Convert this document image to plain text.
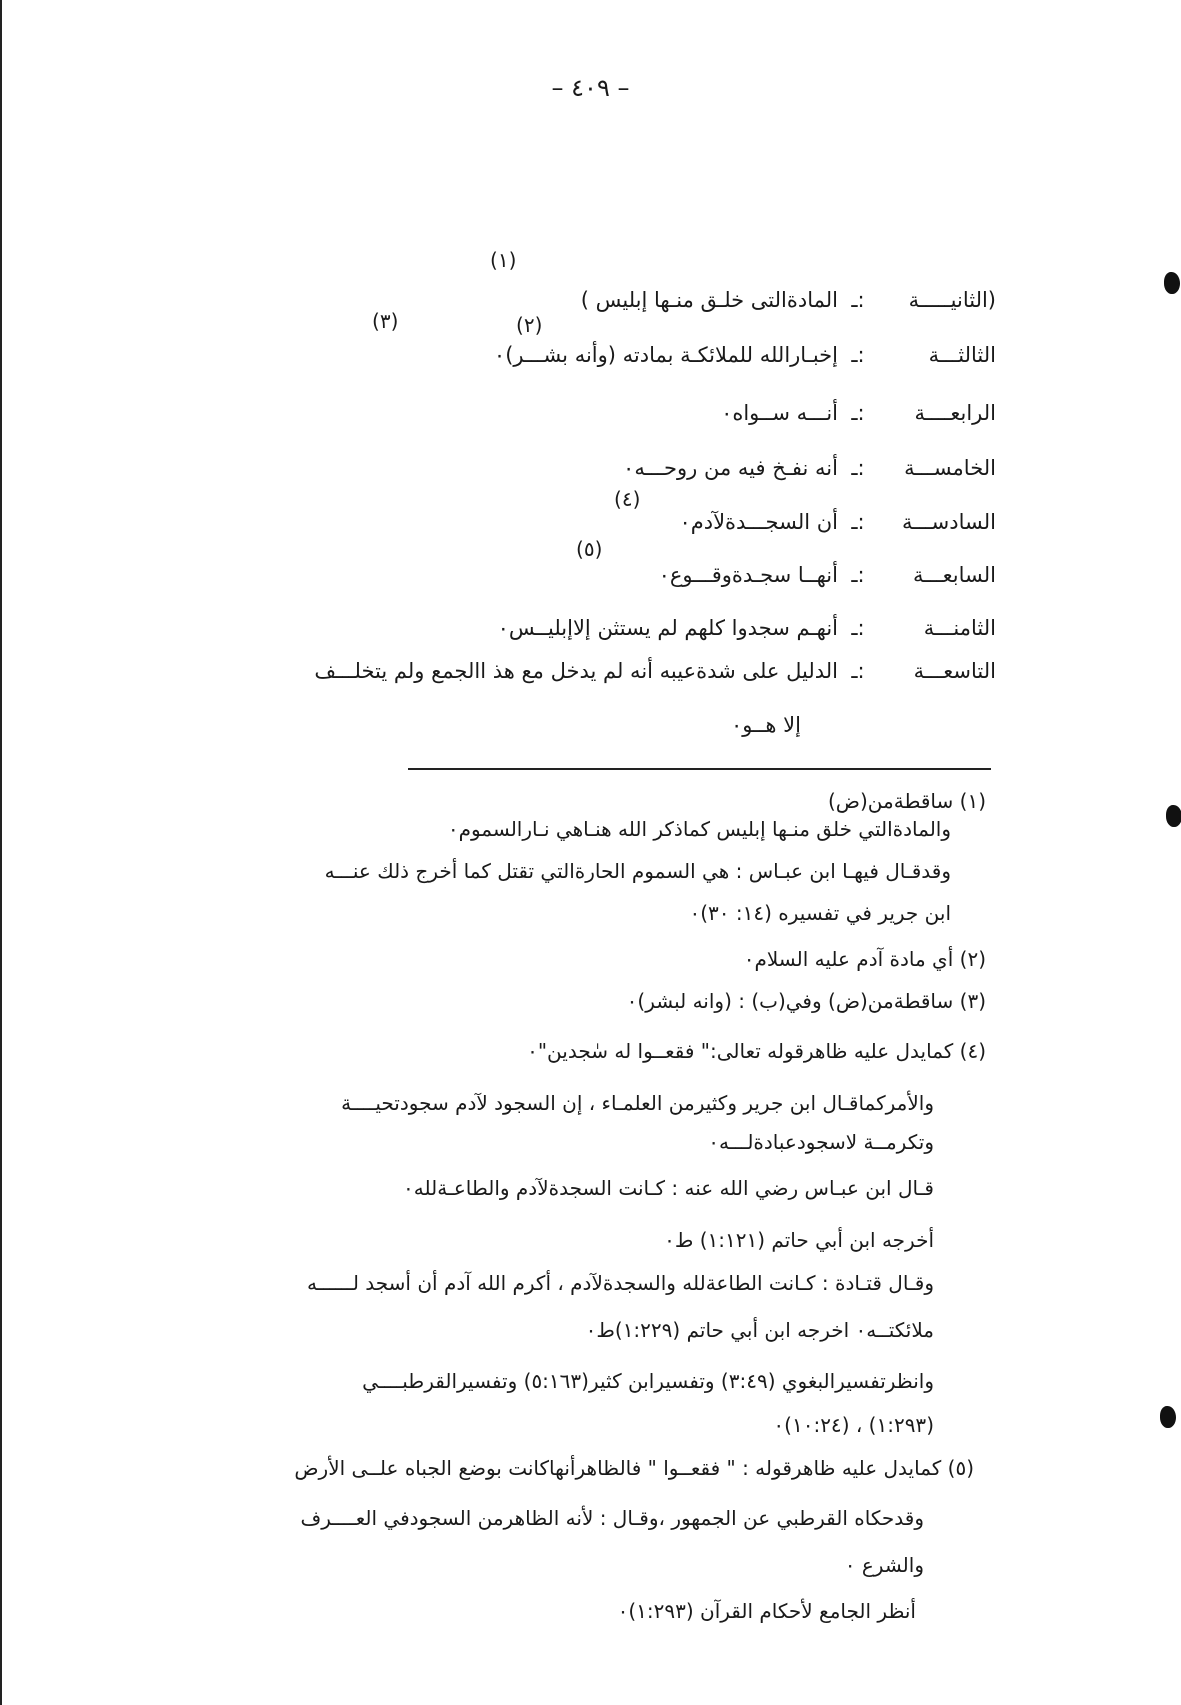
– ٤٠٩ –
(١)
(٣)	(٢)
(٤)
(٥)
(الثانيـــــة:ـالمادةالتى خلـق منـها إبليس )
الثالثـــة:ـإخبـارالله للملائكـة بمادته (وأنه بشـــر)٠
الرابعــــة:ـأنـــه ســواه٠
الخامســـة:ـأنه نفـخ فيه من روحـــه٠
السادســـة:ـأن السجـــدةلآدم٠
السابعـــة:ـأنهــا سجـدةوقـــوع٠
الثامنـــة:ـأنهـم سجدوا كلهم لم يستثن إلاإبليــس٠
التاسعـــة:ـالدليل على شدةعيبه أنه لم يدخل مع هذ االجمع ولم يتخلـــف
إلا هــو٠
(١) ساقطةمن(ض)
والمادةالتي خلق منـها إبليس كماذكر الله هنـاهي نـارالسموم٠
وقدقـال فيهـا ابن عبـاس : هي السموم الحارةالتي تقتل كما أخرج ذلك عنـــه
ابن جرير في تفسيره (١٤: ٣٠)٠
(٢) أي مادة آدم عليه السلام٠
(٣) ساقطةمن(ض) وفي(ب) : (وانه لبشر)٠
(٤) كمايدل عليه ظاهرقوله تعالى:" فقعــوا له سٰجدين"٠
والأمركماقـال ابن جرير وكثيرمن العلمـاء ، إن السجود لآدم سجودتحيــــة
وتكرمــة لاسجودعبادةلـــه٠
قـال ابن عبـاس رضي الله عنه : كـانت السجدةلآدم والطاعـةلله٠
أخرجه ابن أبي حاتم (١:١٢١) ط٠
وقـال قتـادة : كـانت الطاعةلله والسجدةلآدم ، أكرم الله آدم أن أسجد لــــــه
ملائكتــه٠ اخرجه ابن أبي حاتم (١:٢٢٩)ط٠
وانظرتفسيرالبغوي (٣:٤٩) وتفسيرابن كثير(٥:١٦٣) وتفسيرالقرطبــــي
(١:٢٩٣) ، (١٠:٢٤)٠
(٥) كمايدل عليه ظاهرقوله : " فقعــوا " فالظاهرأنهاكانت بوضع الجباه علــى الأرض
وقدحكاه القرطبي عن الجمهور ،وقـال : لأنه الظاهرمن السجودفي العــــرف
والشرع ٠
أنظر الجامع لأحكام القرآن (١:٢٩٣)٠
